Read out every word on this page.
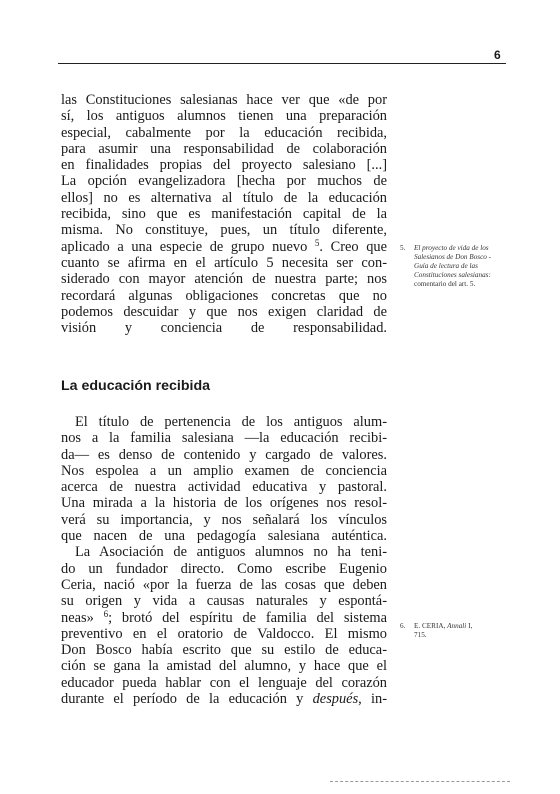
6
las Constituciones salesianas hace ver que «de por
sí, los antiguos alumnos tienen una preparación
especial, cabalmente por la educación recibida,
para asumir una responsabilidad de colaboración
en finalidades propias del proyecto salesiano [...]
La opción evangelizadora [hecha por muchos de
ellos] no es alternativa al título de la educación
recibida, sino que es manifestación capital de la
misma. No constituye, pues, un título diferente,
aplicado a una especie de grupo nuevo $^5$. Creo que
cuanto se afirma en el artículo 5 necesita ser con-
siderado con mayor atención de nuestra parte; nos
recordará algunas obligaciones concretas que no
podemos descuidar y que nos exigen claridad de
visión y conciencia de responsabilidad.
La educación recibida
El título de pertenencia de los antiguos alum-
nos a la familia salesiana —la educación recibi-
da— es denso de contenido y cargado de valores.
Nos espolea a un amplio examen de conciencia
acerca de nuestra actividad educativa y pastoral.
Una mirada a la historia de los orígenes nos resol-
verá su importancia, y nos señalará los vínculos
que nacen de una pedagogía salesiana auténtica.
La Asociación de antiguos alumnos no ha teni-
do un fundador directo. Como escribe Eugenio
Ceria, nació «por la fuerza de las cosas que deben
su origen y vida a causas naturales y espontá-
neas» $^6$; brotó del espíritu de familia del sistema
preventivo en el oratorio de Valdocco. El mismo
Don Bosco había escrito que su estilo de educa-
ción se gana la amistad del alumno, y hace que el
educador pueda hablar con el lenguaje del corazón
durante el período de la educación y después, in-
5. El proyecto de vida de los
Salesianos de Don Bosco -
Guía de lectura de las
Constituciones salesianas:
comentario del art. 5.
6. E. CERIA, Annali I,
715.
